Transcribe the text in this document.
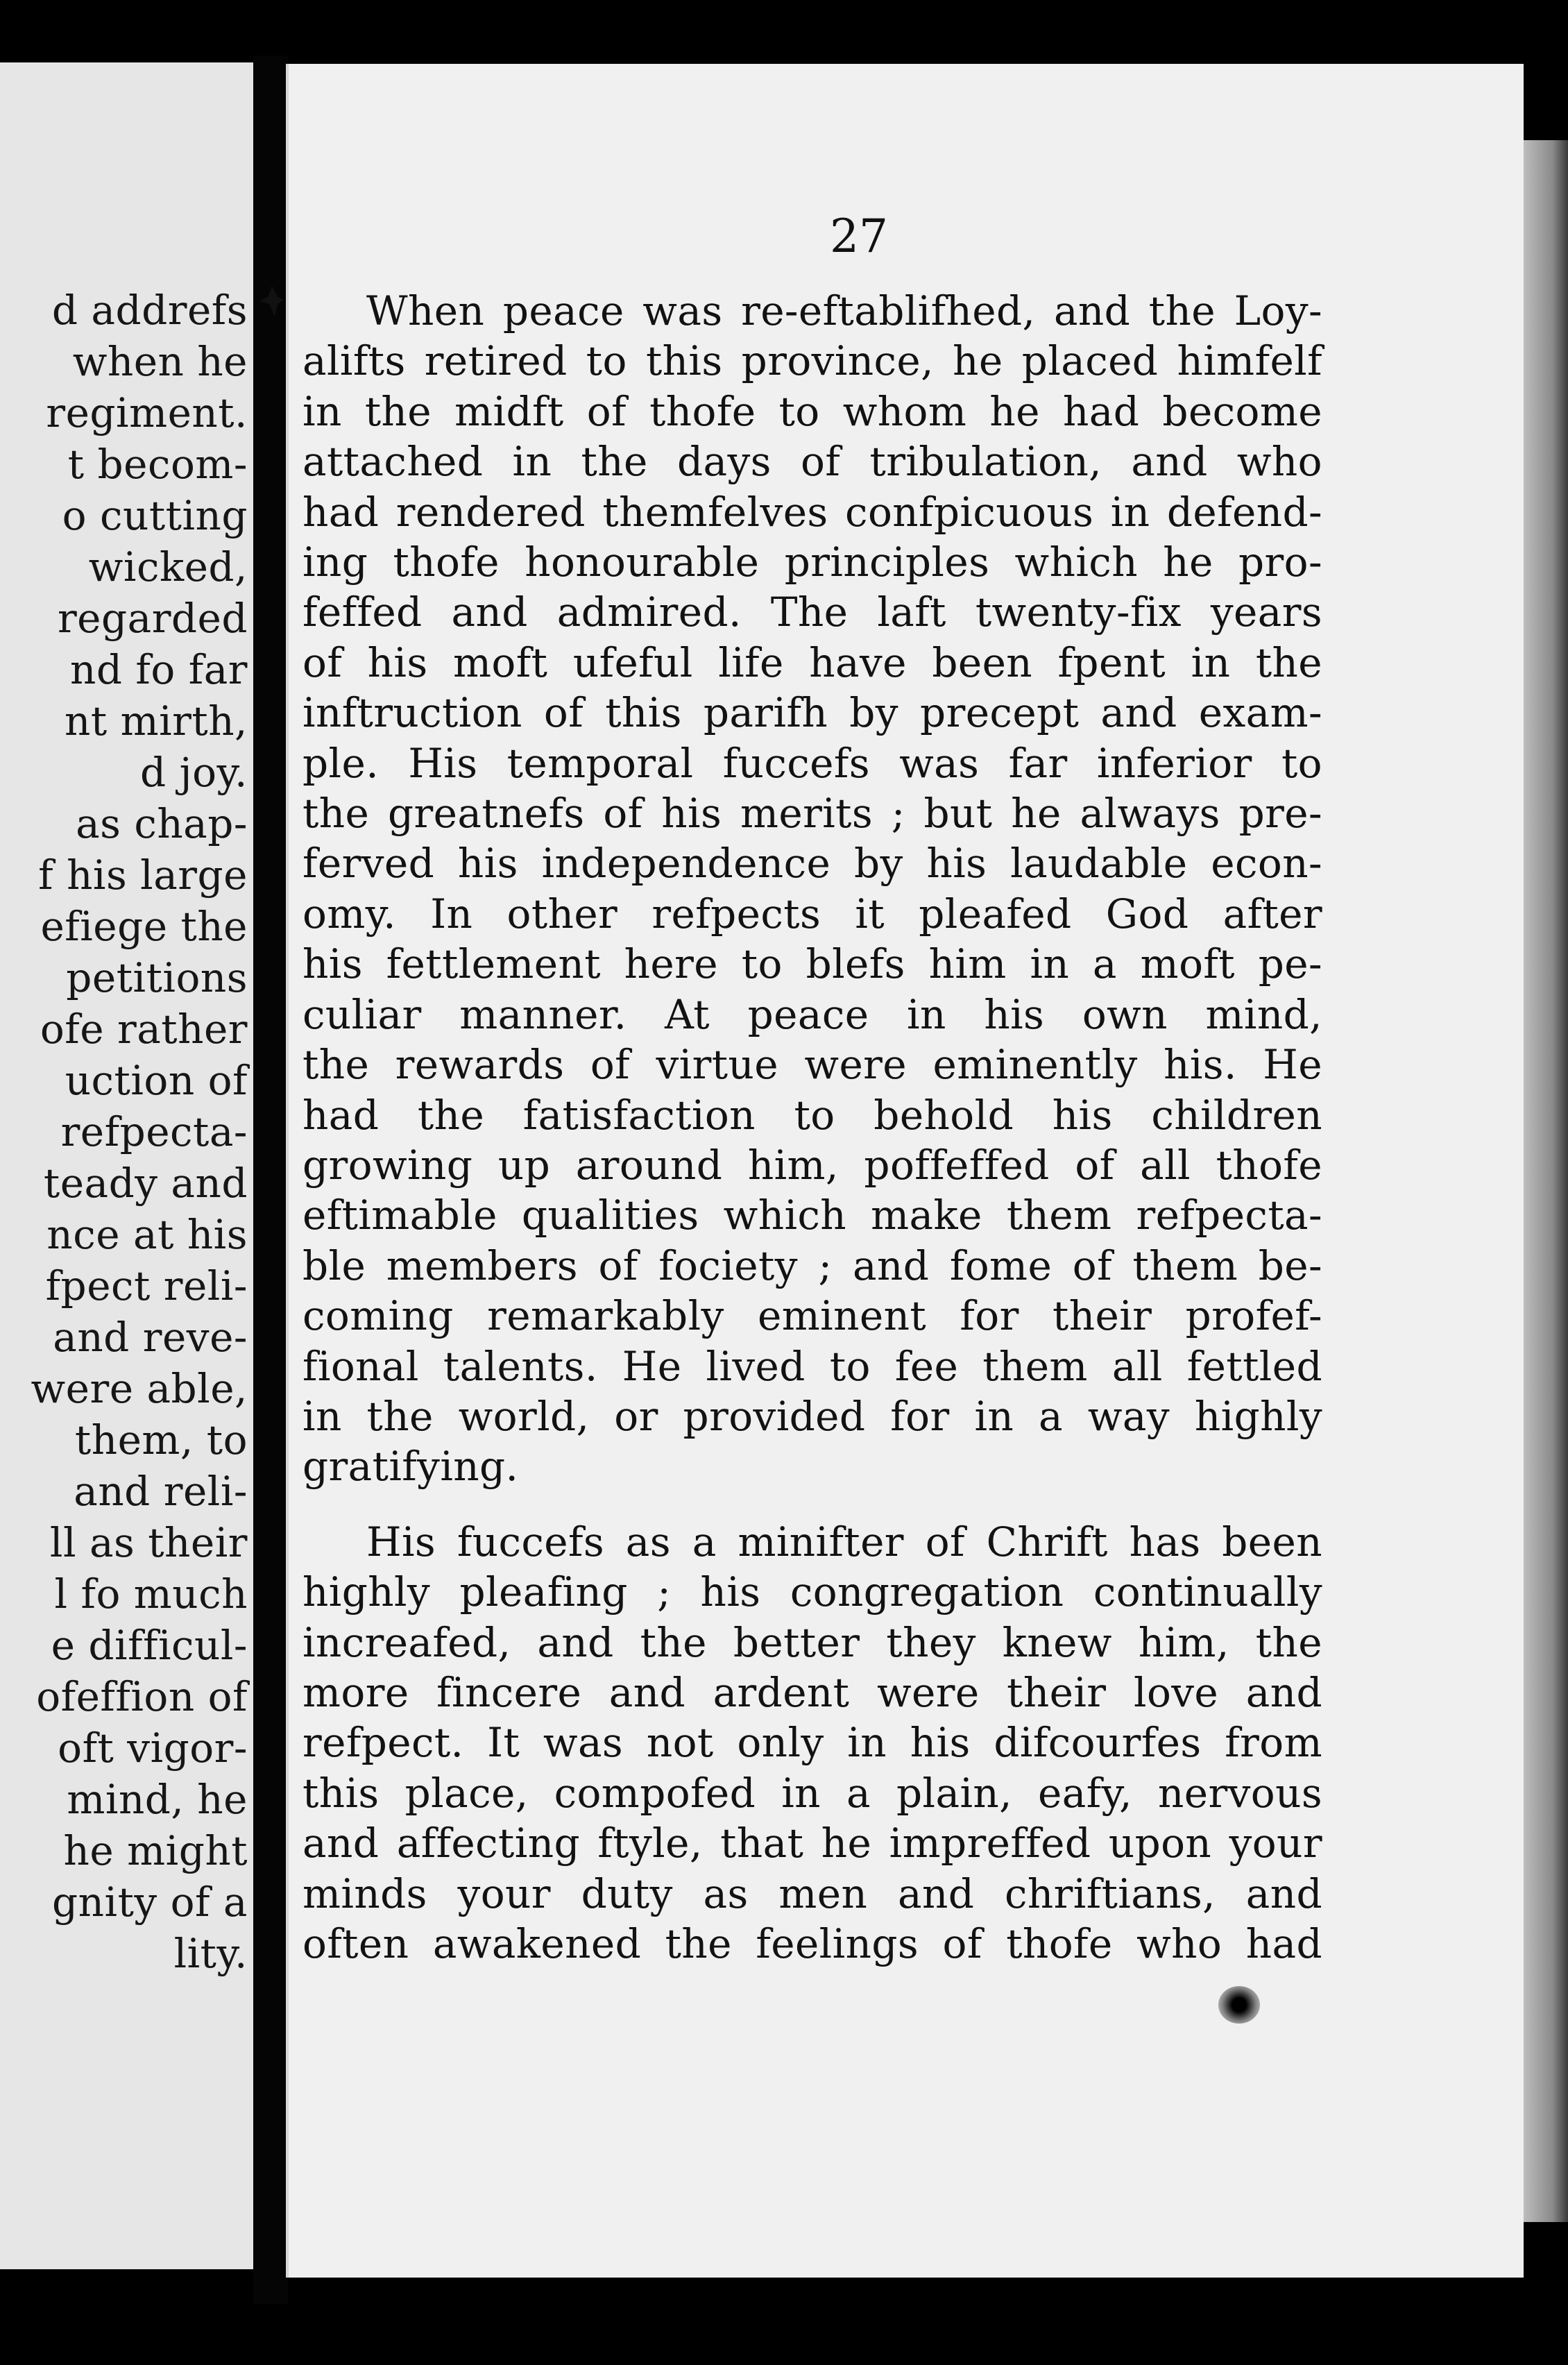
d addrefs
when he
regiment.
t becom-
o cutting
wicked,
regarded
nd fo far
nt mirth,
d joy.
as chap-
f his large
efiege the
petitions
ofe rather
uction of
refpecta-
teady and
nce at his
fpect reli-
and reve-
were able,
them, to
and reli-
ll as their
l fo much
e difficul-
ofeffion of
oft vigor-
mind, he
he might
gnity of a
lity.
27
When peace was re-eftablifhed, and the Loy-
alifts retired to this province, he placed himfelf
in the midft of thofe to whom he had become
attached in the days of tribulation, and who
had rendered themfelves confpicuous in defend-
ing thofe honourable principles which he pro-
feffed and admired. The laft twenty-fix years
of his moft ufeful life have been fpent in the
inftruction of this parifh by precept and exam-
ple. His temporal fuccefs was far inferior to
the greatnefs of his merits ; but he always pre-
ferved his independence by his laudable econ-
omy. In other refpects it pleafed God after
his fettlement here to blefs him in a moft pe-
culiar manner. At peace in his own mind,
the rewards of virtue were eminently his. He
had the fatisfaction to behold his children
growing up around him, poffeffed of all thofe
eftimable qualities which make them refpecta-
ble members of fociety ; and fome of them be-
coming remarkably eminent for their profef-
fional talents. He lived to fee them all fettled
in the world, or provided for in a way highly
gratifying.
His fuccefs as a minifter of Chrift has been
highly pleafing ; his congregation continually
increafed, and the better they knew him, the
more fincere and ardent were their love and
refpect. It was not only in his difcourfes from
this place, compofed in a plain, eafy, nervous
and affecting ftyle, that he impreffed upon your
minds your duty as men and chriftians, and
often awakened the feelings of thofe who had
